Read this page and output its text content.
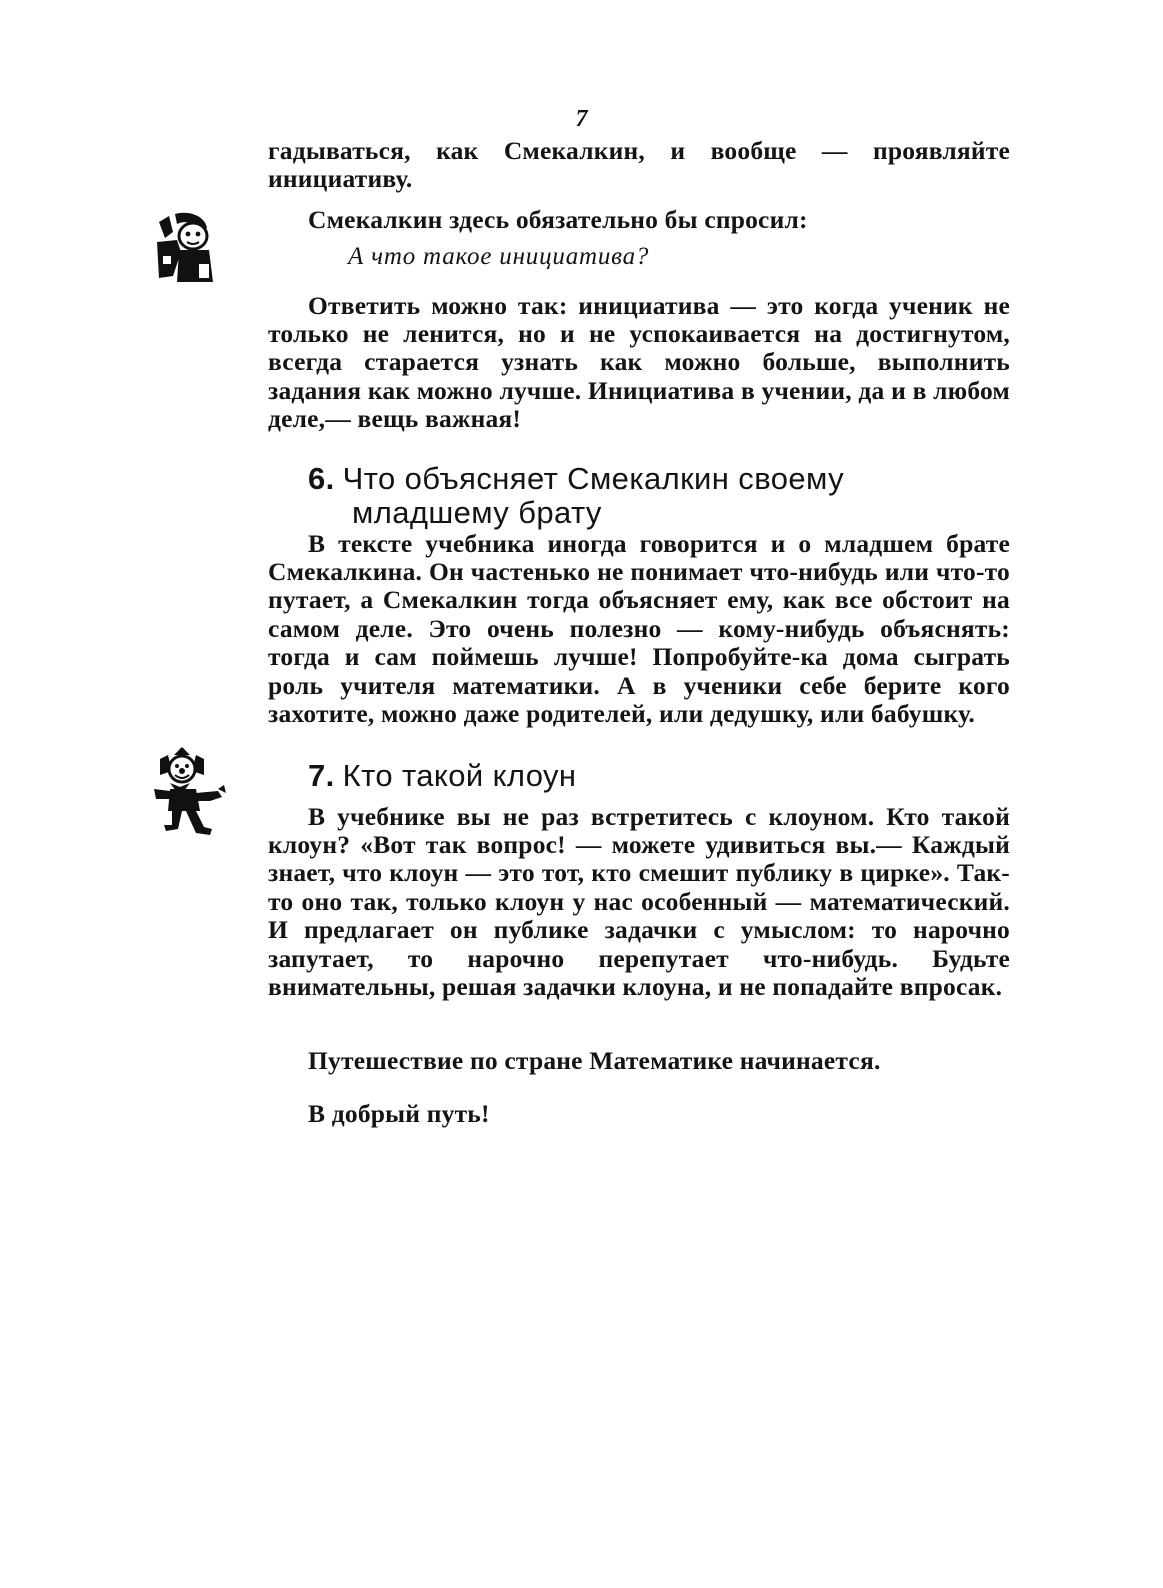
7

гадываться, как Смекалкин, и вообще — проявляйте инициативу.

Смекалкин здесь обязательно бы спросил:

А что такое инициатива?

Ответить можно так: инициатива — это когда ученик не только не ленится, но и не успокаивается на достигнутом, всегда старается узнать как можно больше, выполнить задания как можно лучше. Инициатива в учении, да и в любом деле,— вещь важная!

6. Что объясняет Смекалкин своему
младшему брату

В тексте учебника иногда говорится и о младшем брате Смекалкина. Он частенько не понимает что-нибудь или что-то путает, а Смекалкин тогда объясняет ему, как все обстоит на самом деле. Это очень полезно — кому-нибудь объяснять: тогда и сам поймешь лучше! Попробуйте-ка дома сыграть роль учителя математики. А в ученики себе берите кого захотите, можно даже родителей, или дедушку, или бабушку.

7. Кто такой клоун

В учебнике вы не раз встретитесь с клоуном. Кто такой клоун? «Вот так вопрос! — можете удивиться вы.— Каждый знает, что клоун — это тот, кто смешит публику в цирке». Так-то оно так, только клоун у нас особенный — математический. И предлагает он публике задачки с умыслом: то нарочно запутает, то нарочно перепутает что-нибудь. Будьте внимательны, решая задачки клоуна, и не попадайте впросак.

Путешествие по стране Математике начинается.

В добрый путь!
